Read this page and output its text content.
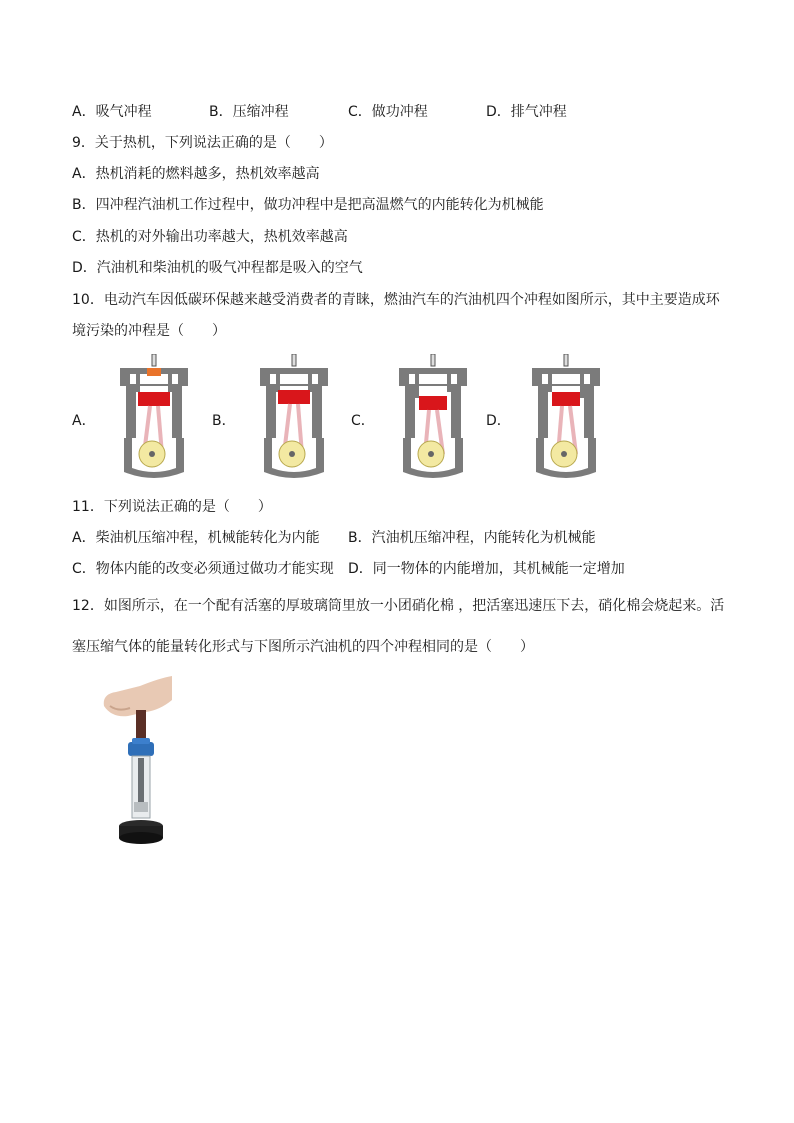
A．吸气冲程	B．压缩冲程	C．做功冲程	D．排气冲程
9．关于热机，下列说法正确的是（　　）
A．热机消耗的燃料越多，热机效率越高
B．四冲程汽油机工作过程中，做功冲程中是把高温燃气的内能转化为机械能
C．热机的对外输出功率越大，热机效率越高
D．汽油机和柴油机的吸气冲程都是吸入的空气
10．电动汽车因低碳环保越来越受消费者的青睐，燃油汽车的汽油机四个冲程如图所示，其中主要造成环
境污染的冲程是（　　）
A．	B．	C．	D．
11．下列说法正确的是（　　）
A．柴油机压缩冲程，机械能转化为内能 B．汽油机压缩冲程，内能转化为机械能
C．物体内能的改变必须通过做功才能实现 D．同一物体的内能增加，其机械能一定增加
12．如图所示，在一个配有活塞的厚玻璃筒里放一小团硝化棉 ，把活塞迅速压下去，硝化棉会烧起来。活
塞压缩气体的能量转化形式与下图所示汽油机的四个冲程相同的是（　　）
